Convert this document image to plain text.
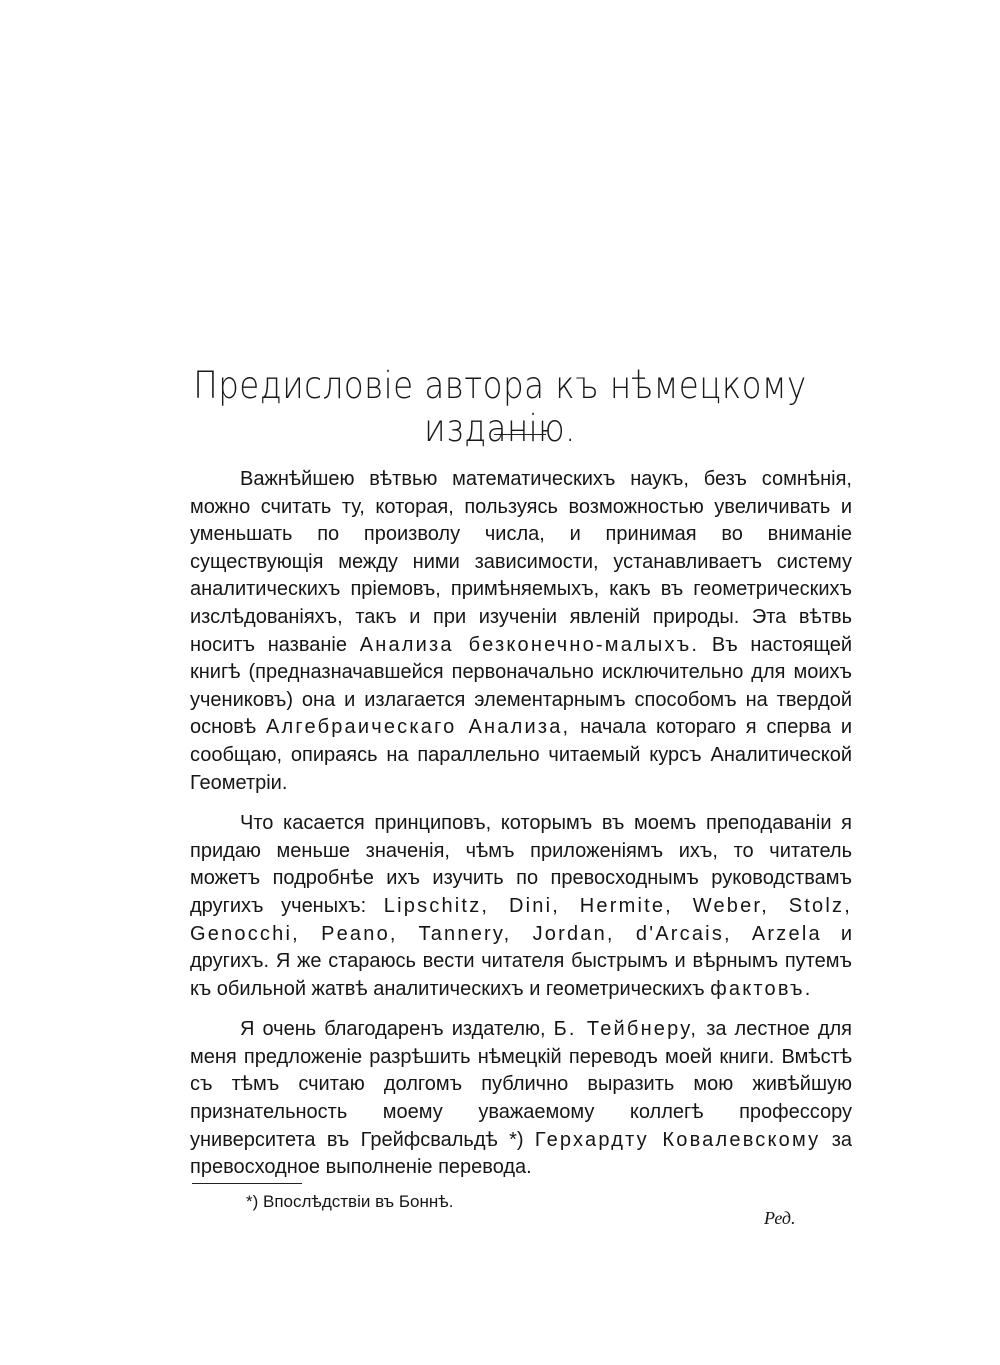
Предисловіе автора къ нѣмецкому изданію.

Важнѣйшею вѣтвью математическихъ наукъ, безъ сомнѣнія, можно считать ту, которая, пользуясь возможностью увеличивать и уменьшать по произволу числа, и принимая во вниманіе существующія между ними зависимости, устанавливаетъ систему аналитическихъ пріемовъ, примѣняемыхъ, какъ въ геометрическихъ изслѣдованіяхъ, такъ и при изученіи явленій природы. Эта вѣтвь носитъ названіе Анализа безконечно-малыхъ. Въ настоящей книгѣ (предназначавшейся первоначально исключительно для моихъ учениковъ) она и излагается элементарнымъ способомъ на твердой основѣ Алгебраическаго Анализа, начала котораго я сперва и сообщаю, опираясь на параллельно читаемый курсъ Аналитической Геометріи.

Что касается принциповъ, которымъ въ моемъ преподаваніи я придаю меньше значенія, чѣмъ приложеніямъ ихъ, то читатель можетъ подробнѣе ихъ изучить по превосходнымъ руководствамъ другихъ ученыхъ: Lipschitz, Dini, Hermite, Weber, Stolz, Genocchi, Peano, Tannery, Jordan, d'Arcais, Arzela и другихъ. Я же стараюсь вести читателя быстрымъ и вѣрнымъ путемъ къ обильной жатвѣ аналитическихъ и геометрическихъ фактовъ.

Я очень благодаренъ издателю, Б. Тейбнеру, за лестное для меня предложеніе разрѣшить нѣмецкій переводъ моей книги. Вмѣстѣ съ тѣмъ считаю долгомъ публично выразить мою живѣйшую признательность моему уважаемому коллегѣ профессору университета въ Грейфсвальдѣ *) Герхардту Ковалевскому за превосходное выполненіе перевода.

*) Впослѣдствіи въ Боннѣ.

Ред.
